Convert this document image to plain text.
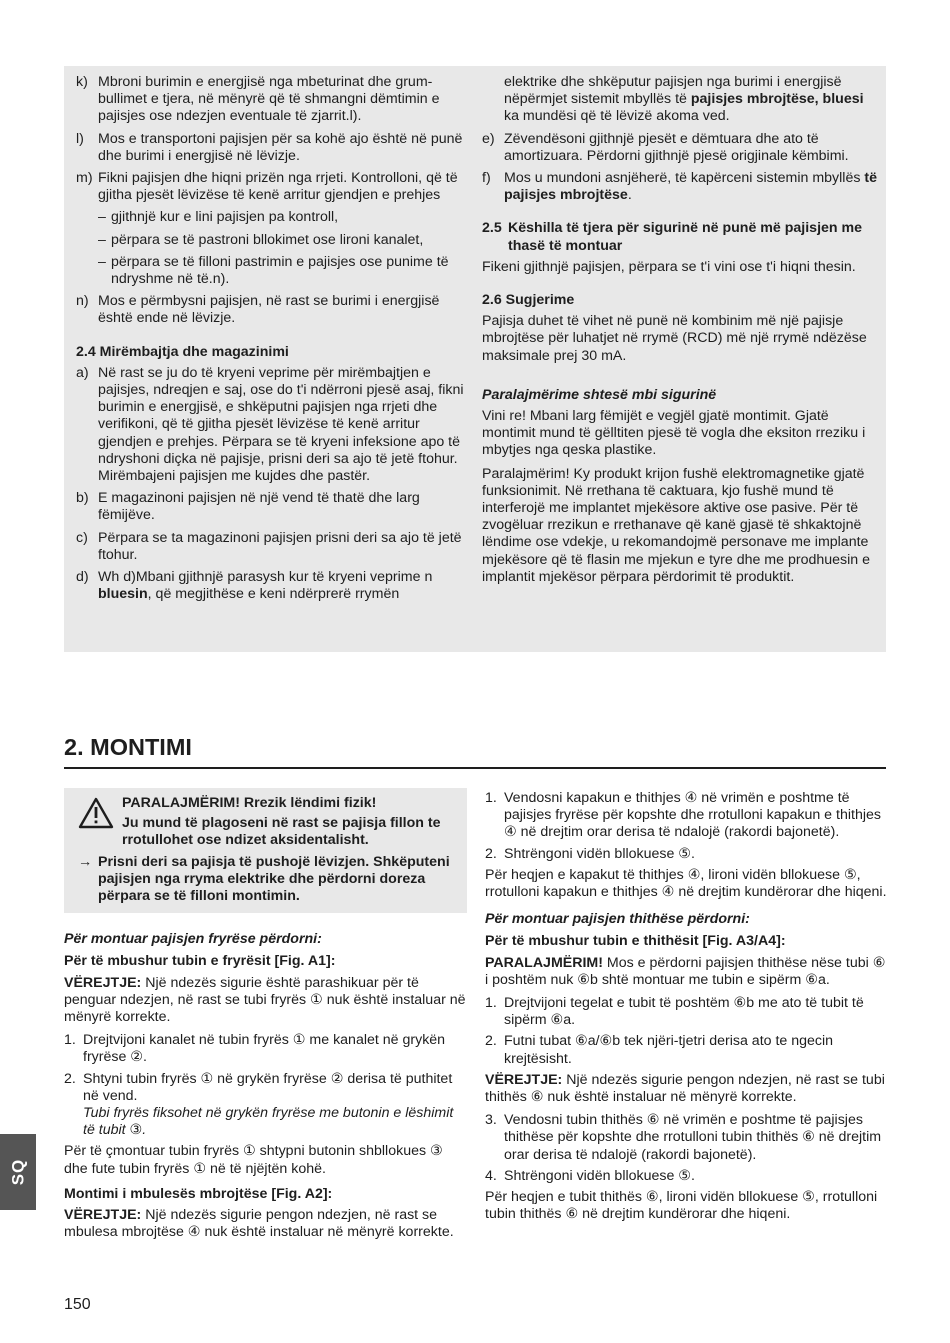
k) Mbroni burimin e energjisë nga mbeturinat dhe grumbullimet e tjera, në mënyrë që të shmangni dëmtimin e pajisjes ose ndezjen eventuale të zjarrit.l).
l) Mos e transportoni pajisjen për sa kohë ajo është në punë dhe burimi i energjisë në lëvizje.
m) Fikni pajisjen dhe hiqni prizën nga rrjeti. Kontrolloni, që të gjitha pjesët lëvizëse të kenë arritur gjendjen e prehjes
– gjithnjë kur e lini pajisjen pa kontroll,
– përpara se të pastroni bllokimet ose lironi kanalet,
– përpara se të filloni pastrimin e pajisjes ose punime të ndryshme në të.n).
n) Mos e përmbysni pajisjen, në rast se burimi i energjisë është ende në lëvizje.
2.4 Mirëmbajtja dhe magazinimi
a) Në rast se ju do të kryeni veprime për mirëmbajtjen e pajisjes, ndreqjen e saj, ose do t'i ndërroni pjesë asaj, fikni burimin e energjisë, e shkëputni pajisjen nga rrjeti dhe verifikoni, që të gjitha pjesët lëvizëse të kenë arritur gjendjen e prehjes. Përpara se të kryeni infeksione apo të ndryshoni diçka në pajisje, prisni deri sa ajo të jetë ftohur. Mirëmbajeni pajisjen me kujdes dhe pastër.
b) E magazinoni pajisjen në një vend të thatë dhe larg fëmijëve.
c) Përpara se ta magazinoni pajisjen prisni deri sa ajo të jetë ftohur.
d) Wh d)Mbani gjithnjë parasysh kur të kryeni veprime n bluesin, që megjithëse e keni ndërprerë rrymën
elektrike dhe shkëputur pajisjen nga burimi i energjisë nëpërmjet sistemit mbyllës të pajisjes mbrojtëse, bluesi ka mundësi që të lëvizë akoma ved.
e) Zëvendësoni gjithnjë pjesët e dëmtuara dhe ato të amortizuara. Përdorni gjithnjë pjesë origjinale këmbimi.
f) Mos u mundoni asnjëherë, të kapërceni sistemin mbyllës të pajisjes mbrojtëse.
2.5 Këshilla të tjera për sigurinë në punë më pajisjen me thasë të montuar
Fikeni gjithnjë pajisjen, përpara se t'i vini ose t'i hiqni thesin.
2.6 Sugjerime
Pajisja duhet të vihet në punë në kombinim më një pajisje mbrojtëse për luhatjet në rrymë (RCD) më një rrymë ndëzëse maksimale prej 30 mA.
Paralajmërime shtesë mbi sigurinë
Vini re! Mbani larg fëmijët e vegjël gjatë montimit. Gjatë montimit mund të gëlltiten pjesë të vogla dhe eksiton rreziku i mbytjes nga qeska plastike.
Paralajmërim! Ky produkt krijon fushë elektromagnetike gjatë funksionimit. Në rrethana të caktuara, kjo fushë mund të interferojë me implantet mjekësore aktive ose pasive. Për të zvogëluar rrezikun e rrethanave që kanë gjasë të shkaktojnë lëndime ose vdekje, u rekomandojmë personave me implante mjekësore që të flasin me mjekun e tyre dhe me prodhuesin e implantit mjekësor përpara përdorimit të produktit.
2. MONTIMI
PARALAJMËRIM! Rrezik lëndimi fizik!
Ju mund të plagoseni në rast se pajisja fillon te rrotullohet ose ndizet aksidentalisht.
→ Prisni deri sa pajisja të pushojë lëvizjen. Shkëputeni pajisjen nga rryma elektrike dhe përdorni doreza përpara se të filloni montimin.
Për montuar pajisjen fryrëse përdorni:
Për të mbushur tubin e fryrësit [Fig. A1]:
VËREJTJE: Një ndezës sigurie është parashikuar për të penguar ndezjen, në rast se tubi fryrës ① nuk është instaluar në mënyrë korrekte.
1. Drejtvijoni kanalet në tubin fryrës ① me kanalet në grykën fryrëse ②.
2. Shtyni tubin fryrës ① në grykën fryrëse ② derisa të puthitet në vend.
Tubi fryrës fiksohet në grykën fryrëse me butonin e lëshimit të tubit ③.
Për të çmontuar tubin fryrës ① shtypni butonin shbllokues ③ dhe fute tubin fryrës ① në të njëjtën kohë.
Montimi i mbulesës mbrojtëse [Fig. A2]:
VËREJTJE: Një ndezës sigurie pengon ndezjen, në rast se mbulesa mbrojtëse ④ nuk është instaluar në mënyrë korrekte.
1. Vendosni kapakun e thithjes ④ në vrimën e poshtme të pajisjes fryrëse për kopshte dhe rrotulloni kapakun e thithjes ④ në drejtim orar derisa të ndalojë (rakordi bajonetë).
2. Shtrëngoni vidën bllokuese ⑤.
Për heqjen e kapakut të thithjes ④, lironi vidën bllokuese ⑤, rrotulloni kapakun e thithjes ④ në drejtim kundërorar dhe hiqeni.
Për montuar pajisjen thithëse përdorni:
Për të mbushur tubin e thithësit [Fig. A3/A4]:
PARALAJMËRIM! Mos e përdorni pajisjen thithëse nëse tubi ⑥ i poshtëm nuk ⑥b shtë montuar me tubin e sipërm ⑥a.
1. Drejtvijoni tegelat e tubit të poshtëm ⑥b me ato të tubit të sipërm ⑥a.
2. Futni tubat ⑥a/⑥b tek njëri-tjetri derisa ato te ngecin krejtësisht.
VËREJTJE: Një ndezës sigurie pengon ndezjen, në rast se tubi thithës ⑥ nuk është instaluar në mënyrë korrekte.
3. Vendosni tubin thithës ⑥ në vrimën e poshtme të pajisjes thithëse për kopshte dhe rrotulloni tubin thithës ⑥ në drejtim orar derisa të ndalojë (rakordi bajonetë).
4. Shtrëngoni vidën bllokuese ⑤.
Për heqjen e tubit thithës ⑥, lironi vidën bllokuese ⑤, rrotulloni tubin thithës ⑥ në drejtim kundërorar dhe hiqeni.
SQ
150
